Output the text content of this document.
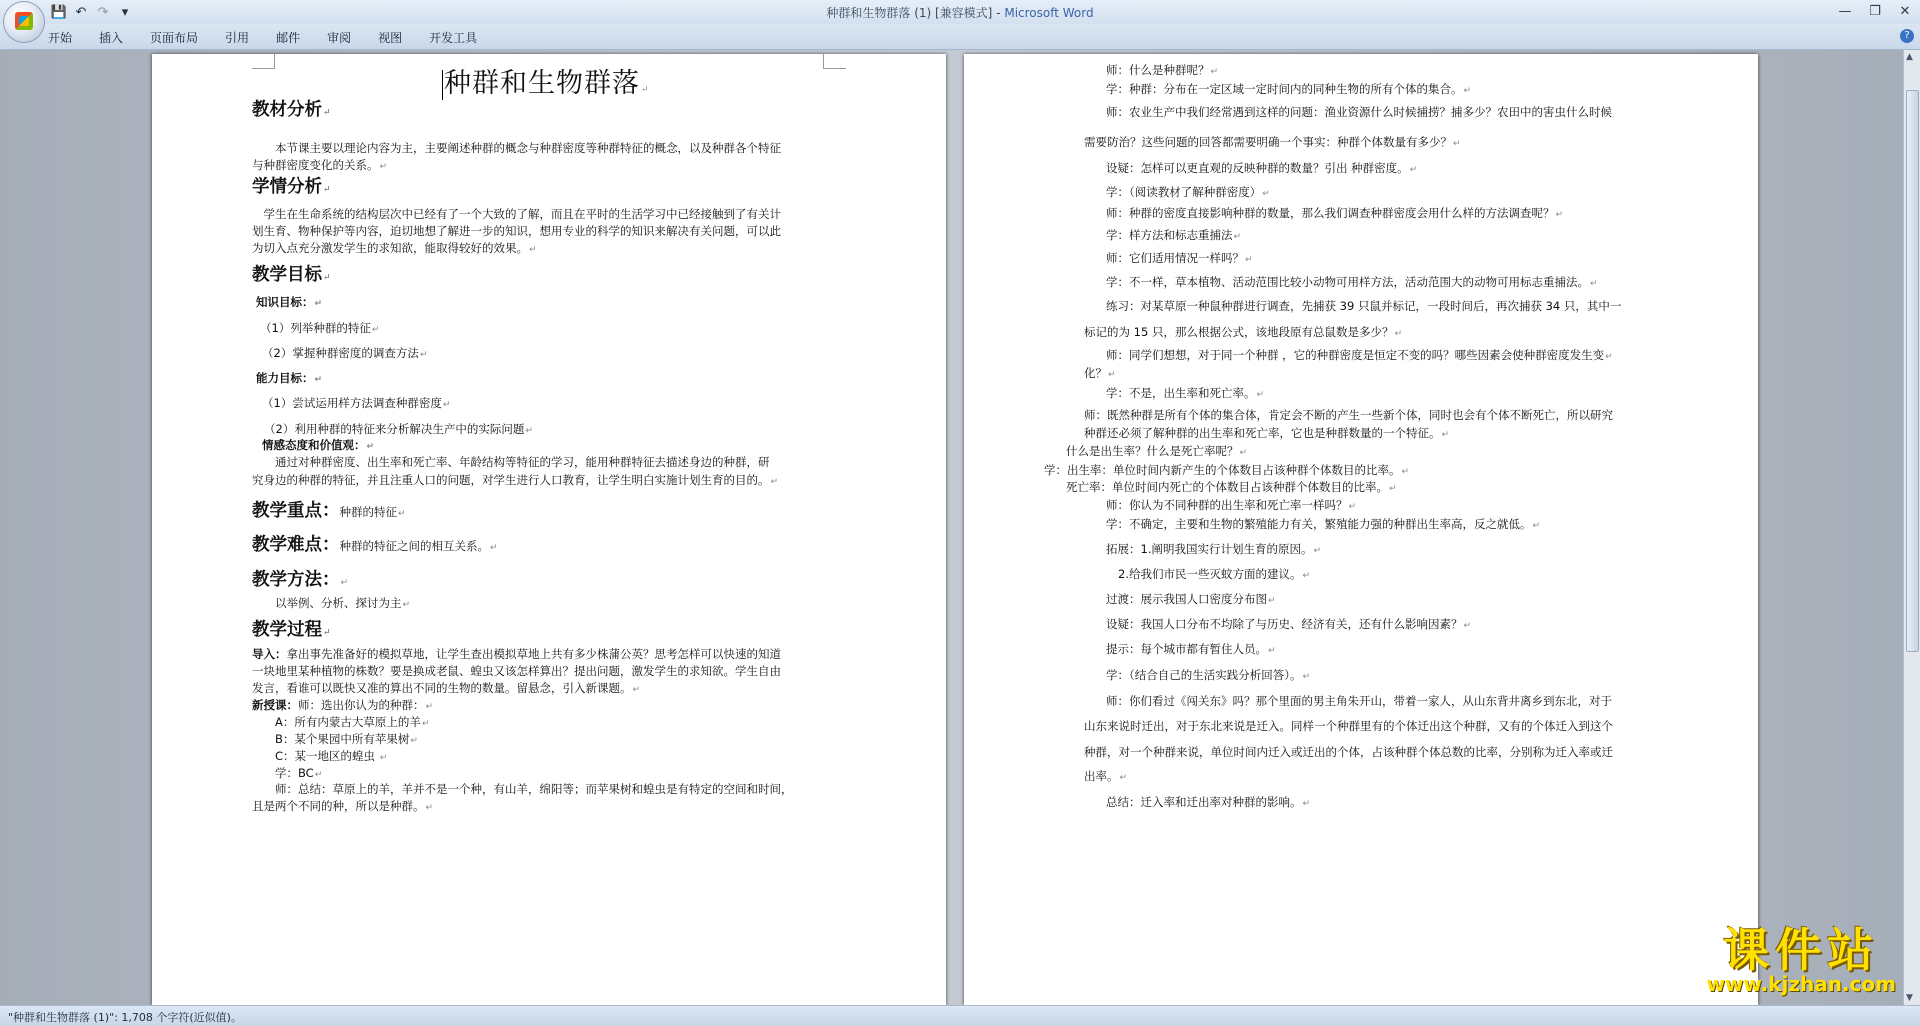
💾 ↶ ↷	▾	种群和生物群落 (1) [兼容模式] - Microsoft Word	—	❐	✕
开始 插入 页面布局 引用 邮件 审阅 视图 开发工具	?
▲
▼
种群和生物群落↵
教材分析↵
　　本节课主要以理论内容为主，主要阐述种群的概念与种群密度等种群特征的概念，以及种群各个特征
与种群密度变化的关系。↵
学情分析↵
　学生在生命系统的结构层次中已经有了一个大致的了解，而且在平时的生活学习中已经接触到了有关计
划生育、物种保护等内容，迫切地想了解进一步的知识，想用专业的科学的知识来解决有关问题，可以此
为切入点充分激发学生的求知欲，能取得较好的效果。↵
教学目标↵
知识目标：↵
（1）列举种群的特征↵
（2）掌握种群密度的调查方法↵
能力目标：↵
（1）尝试运用样方法调查种群密度↵
（2）利用种群的特征来分析解决生产中的实际问题↵
情感态度和价值观：↵
　　通过对种群密度、出生率和死亡率、年龄结构等特征的学习，能用种群特征去描述身边的种群，研
究身边的种群的特征，并且注重人口的问题，对学生进行人口教育，让学生明白实施计划生育的目的。↵
教学重点：种群的特征↵
教学难点：种群的特征之间的相互关系。↵
教学方法：↵
　　以举例、分析、探讨为主↵
教学过程↵
导入：拿出事先准备好的模拟草地，让学生查出模拟草地上共有多少株蒲公英？思考怎样可以快速的知道
一块地里某种植物的株数？要是换成老鼠、蝗虫又该怎样算出？提出问题，激发学生的求知欲。学生自由
发言，看谁可以既快又准的算出不同的生物的数量。留悬念，引入新课题。↵
新授课：师：选出你认为的种群：↵
　　A：所有内蒙古大草原上的羊↵
　　B：某个果园中所有苹果树↵
　　C：某一地区的蝗虫 ↵
　　学：BC↵
　　师：总结：草原上的羊，羊并不是一个种，有山羊，绵阳等；而苹果树和蝗虫是有特定的空间和时间，
且是两个不同的种，所以是种群。↵
师：什么是种群呢？↵
学：种群：分布在一定区域一定时间内的同种生物的所有个体的集合。↵
师：农业生产中我们经常遇到这样的问题：渔业资源什么时候捕捞？捕多少？农田中的害虫什么时候
需要防治？这些问题的回答都需要明确一个事实：种群个体数量有多少？↵
设疑：怎样可以更直观的反映种群的数量？引出 种群密度。↵
学：（阅读教材了解种群密度）↵
师：种群的密度直接影响种群的数量，那么我们调查种群密度会用什么样的方法调查呢？↵
学：样方法和标志重捕法↵
师：它们适用情况一样吗？↵
学：不一样，草本植物、活动范围比较小动物可用样方法，活动范围大的动物可用标志重捕法。↵
练习：对某草原一种鼠种群进行调查，先捕获 39 只鼠并标记，一段时间后，再次捕获 34 只，其中一
标记的为 15 只，那么根据公式，该地段原有总鼠数是多少？↵
师：同学们想想，对于同一个种群 ，它的种群密度是恒定不变的吗？哪些因素会使种群密度发生变↵
化？↵
学：不是，出生率和死亡率。↵
师：既然种群是所有个体的集合体，肯定会不断的产生一些新个体，同时也会有个体不断死亡，所以研究
种群还必须了解种群的出生率和死亡率，它也是种群数量的一个特征。↵
什么是出生率？什么是死亡率呢？↵
学：出生率：单位时间内新产生的个体数目占该种群个体数目的比率。↵
死亡率：单位时间内死亡的个体数目占该种群个体数目的比率。↵
师：你认为不同种群的出生率和死亡率一样吗？↵
学：不确定，主要和生物的繁殖能力有关，繁殖能力强的种群出生率高，反之就低。↵
拓展：1.阐明我国实行计划生育的原因。↵
2.给我们市民一些灭蚊方面的建议。↵
过渡：展示我国人口密度分布图↵
设疑：我国人口分布不均除了与历史、经济有关，还有什么影响因素？↵
提示：每个城市都有暂住人员。↵
学：（结合自己的生活实践分析回答）。↵
师：你们看过《闯关东》吗？那个里面的男主角朱开山，带着一家人，从山东背井离乡到东北，对于
山东来说时迁出，对于东北来说是迁入。同样一个种群里有的个体迁出这个种群，又有的个体迁入到这个
种群，对一个种群来说，单位时间内迁入或迁出的个体，占该种群个体总数的比率，分别称为迁入率或迁
出率。↵
总结：迁入率和迁出率对种群的影响。↵
"种群和生物群落 (1)": 1,708 个字符(近似值)。
课件站
www.kjzhan.com
